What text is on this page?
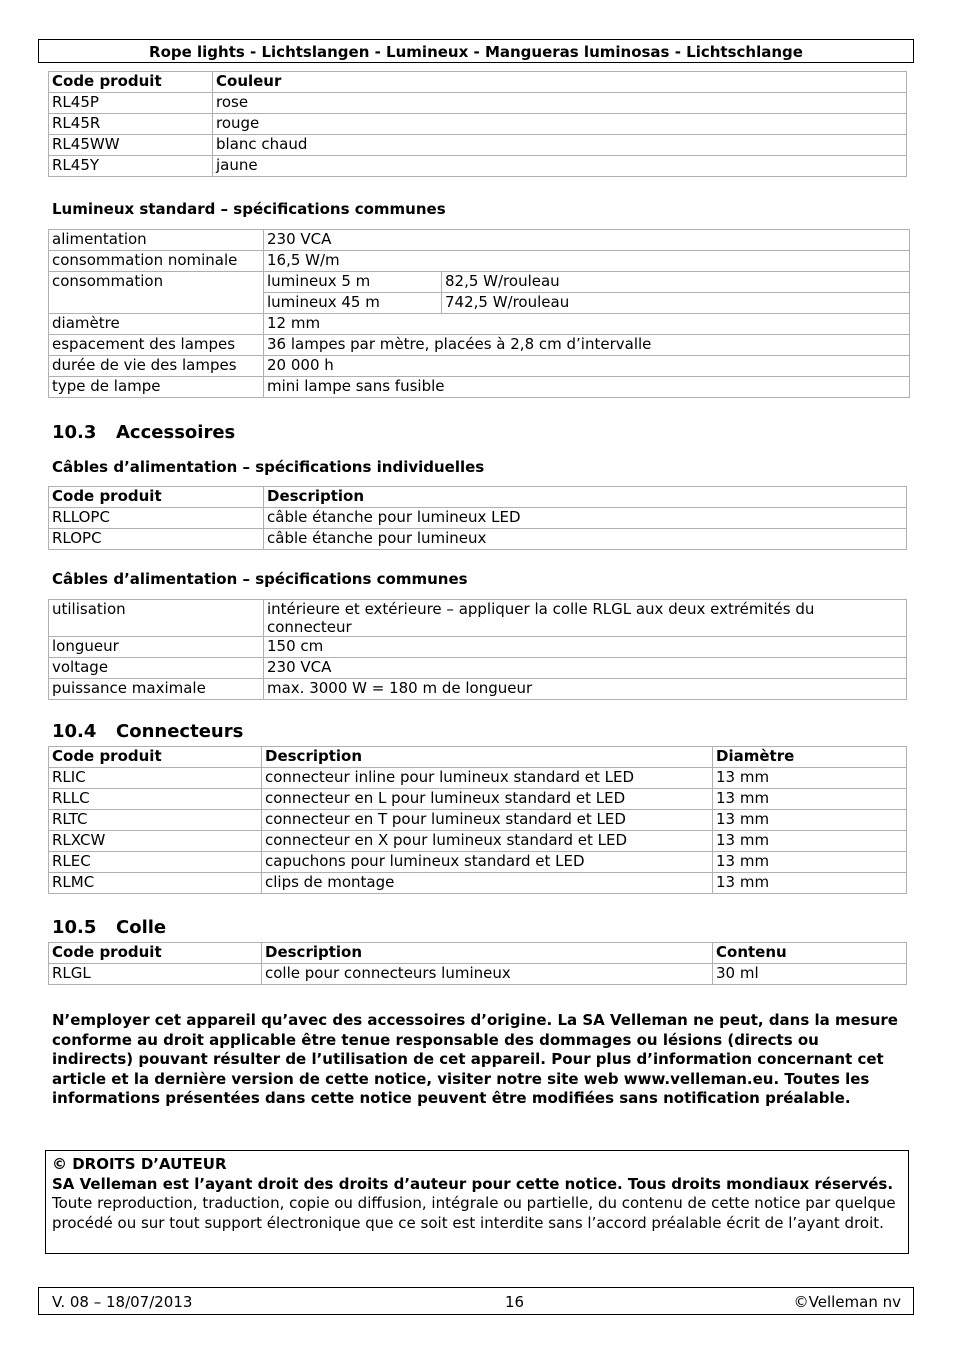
Rope lights - Lichtslangen - Lumineux - Mangueras luminosas - Lichtschlange
Code produit	Couleur
RL45P	rose
RL45R	rouge
RL45WW	blanc chaud
RL45Y	jaune
Lumineux standard – spécifications communes
alimentation	230 VCA	
consommation nominale	16,5 W/m	
consommation	lumineux 5 m	82,5 W/rouleau
	lumineux 45 m	742,5 W/rouleau
diamètre	12 mm	
espacement des lampes	36 lampes par mètre, placées à 2,8 cm d’intervalle	
durée de vie des lampes	20 000 h	
type de lampe	mini lampe sans fusible	
10.3 Accessoires
Câbles d’alimentation – spécifications individuelles
Code produit	Description
RLLOPC	câble étanche pour lumineux LED
RLOPC	câble étanche pour lumineux
Câbles d’alimentation – spécifications communes
utilisation	intérieure et extérieure – appliquer la colle RLGL aux deux extrémités du connecteur
longueur	150 cm
voltage	230 VCA
puissance maximale	max. 3000 W = 180 m de longueur
10.4 Connecteurs
Code produit	Description	Diamètre
RLIC	connecteur inline pour lumineux standard et LED	13 mm
RLLC	connecteur en L pour lumineux standard et LED	13 mm
RLTC	connecteur en T pour lumineux standard et LED	13 mm
RLXCW	connecteur en X pour lumineux standard et LED	13 mm
RLEC	capuchons pour lumineux standard et LED	13 mm
RLMC	clips de montage	13 mm
10.5 Colle
Code produit	Description	Contenu
RLGL	colle pour connecteurs lumineux	30 ml
N’employer cet appareil qu’avec des accessoires d’origine. La SA Velleman ne peut, dans la mesure conforme au droit applicable être tenue responsable des dommages ou lésions (directs ou indirects) pouvant résulter de l’utilisation de cet appareil. Pour plus d’information concernant cet article et la dernière version de cette notice, visiter notre site web www.velleman.eu. Toutes les informations présentées dans cette notice peuvent être modifiées sans notification préalable.
© DROITS D’AUTEUR
SA Velleman est l’ayant droit des droits d’auteur pour cette notice. Tous droits mondiaux réservés. Toute reproduction, traduction, copie ou diffusion, intégrale ou partielle, du contenu de cette notice par quelque procédé ou sur tout support électronique que ce soit est interdite sans l’accord préalable écrit de l’ayant droit.
V. 08 – 18/07/2013	16	©Velleman nv
